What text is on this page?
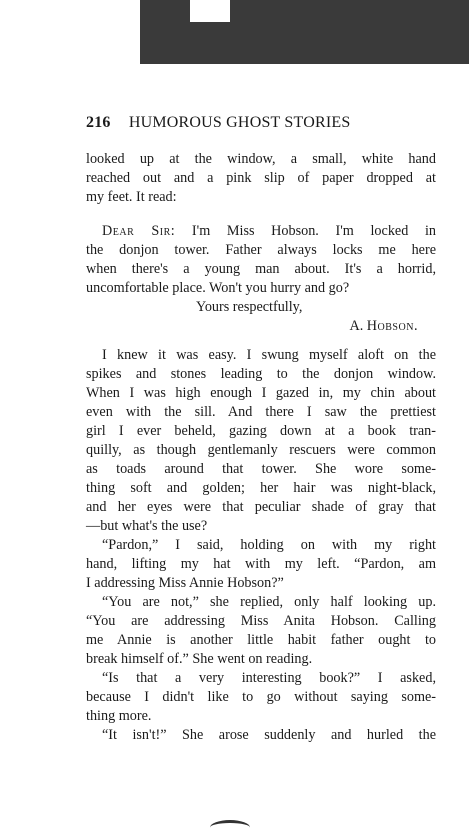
216 HUMOROUS GHOST STORIES
looked up at the window, a small, white hand
reached out and a pink slip of paper dropped at
my feet. It read:
Dear Sir: I'm Miss Hobson. I'm locked in
the donjon tower. Father always locks me here
when there's a young man about. It's a horrid,
uncomfortable place. Won't you hurry and go?
Yours respectfully,
A. Hobson.
I knew it was easy. I swung myself aloft on the
spikes and stones leading to the donjon window.
When I was high enough I gazed in, my chin about
even with the sill. And there I saw the prettiest
girl I ever beheld, gazing down at a book tran-
quilly, as though gentlemanly rescuers were common
as toads around that tower. She wore some-
thing soft and golden; her hair was night-black,
and her eyes were that peculiar shade of gray that
—but what's the use?
“Pardon,” I said, holding on with my right
hand, lifting my hat with my left. “Pardon, am
I addressing Miss Annie Hobson?”
“You are not,” she replied, only half looking up.
“You are addressing Miss Anita Hobson. Calling
me Annie is another little habit father ought to
break himself of.” She went on reading.
“Is that a very interesting book?” I asked,
because I didn't like to go without saying some-
thing more.
“It isn't!” She arose suddenly and hurled the
